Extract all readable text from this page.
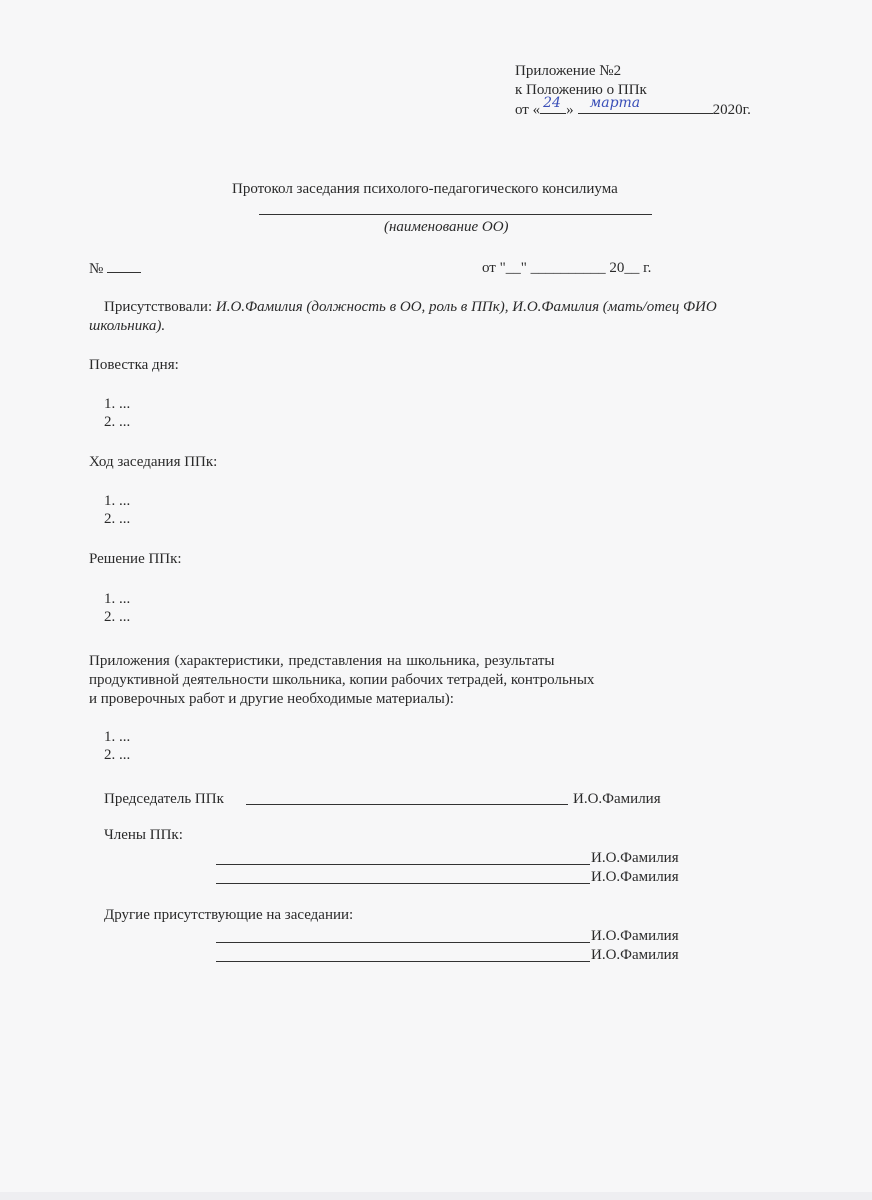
Приложение №2
к Положению о ППк
от « 24 » марта	2020г.
Протокол заседания психолого-педагогического консилиума
(наименование ОО)
№	от "__" __________ 20__ г.
Присутствовали: И.О.Фамилия (должность в ОО, роль в ППк), И.О.Фамилия (мать/отец ФИО
школьника).
Повестка дня:
1. ...
2. ...
Ход заседания ППк:
1. ...
2. ...
Решение ППк:
1. ...
2. ...
Приложения (характеристики, представления на школьника, результаты
продуктивной деятельности школьника, копии рабочих тетрадей, контрольных
и проверочных работ и другие необходимые материалы):
1. ...
2. ...
Председатель ППк	И.О.Фамилия
Члены ППк:
И.О.Фамилия
И.О.Фамилия
Другие присутствующие на заседании:
И.О.Фамилия
И.О.Фамилия
